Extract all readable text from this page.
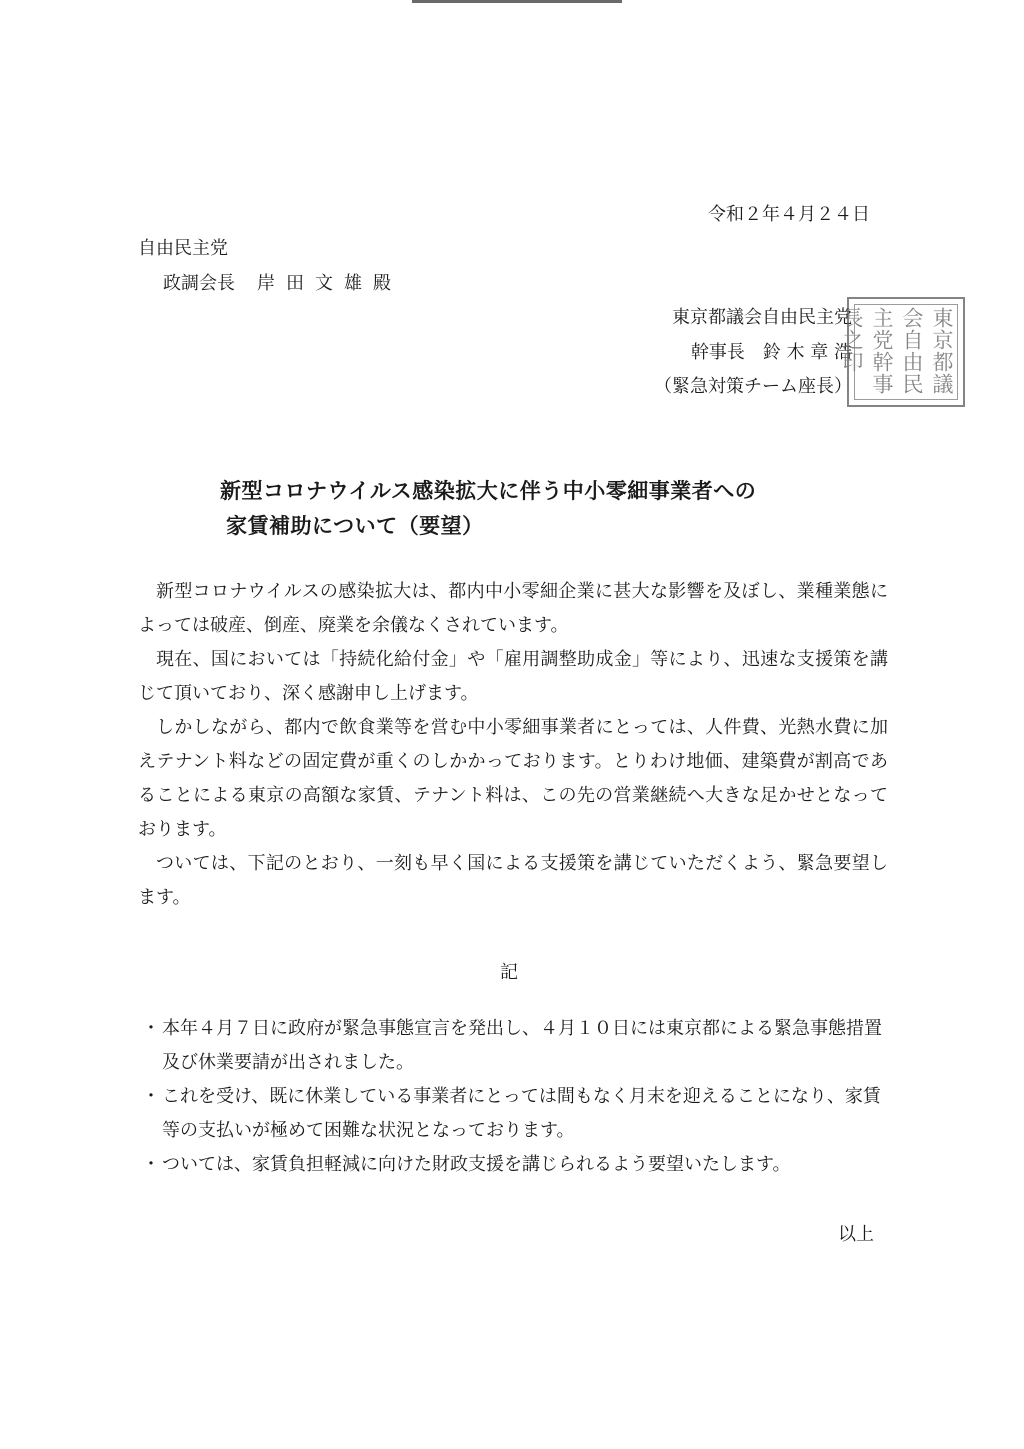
令和２年４月２４日
自由民主党
政調会長 岸田文雄殿
東京都議会自由民主党
幹事長　鈴 木 章 浩
（緊急対策チーム座長）	東京都議会自由民主党幹事長之印
新型コロナウイルス感染拡大に伴う中小零細事業者への
家賃補助について（要望）

新型コロナウイルスの感染拡大は、都内中小零細企業に甚大な影響を及ぼし、業種業態によっては破産、倒産、廃業を余儀なくされています。

現在、国においては「持続化給付金」や「雇用調整助成金」等により、迅速な支援策を講じて頂いており、深く感謝申し上げます。

しかしながら、都内で飲食業等を営む中小零細事業者にとっては、人件費、光熱水費に加えテナント料などの固定費が重くのしかかっております。とりわけ地価、建築費が割高であることによる東京の高額な家賃、テナント料は、この先の営業継続へ大きな足かせとなっております。

ついては、下記のとおり、一刻も早く国による支援策を講じていただくよう、緊急要望します。

記
・ 本年４月７日に政府が緊急事態宣言を発出し、４月１０日には東京都による緊急事態措置及び休業要請が出されました。
・ これを受け、既に休業している事業者にとっては間もなく月末を迎えることになり、家賃等の支払いが極めて困難な状況となっております。
・ ついては、家賃負担軽減に向けた財政支援を講じられるよう要望いたします。
以上
